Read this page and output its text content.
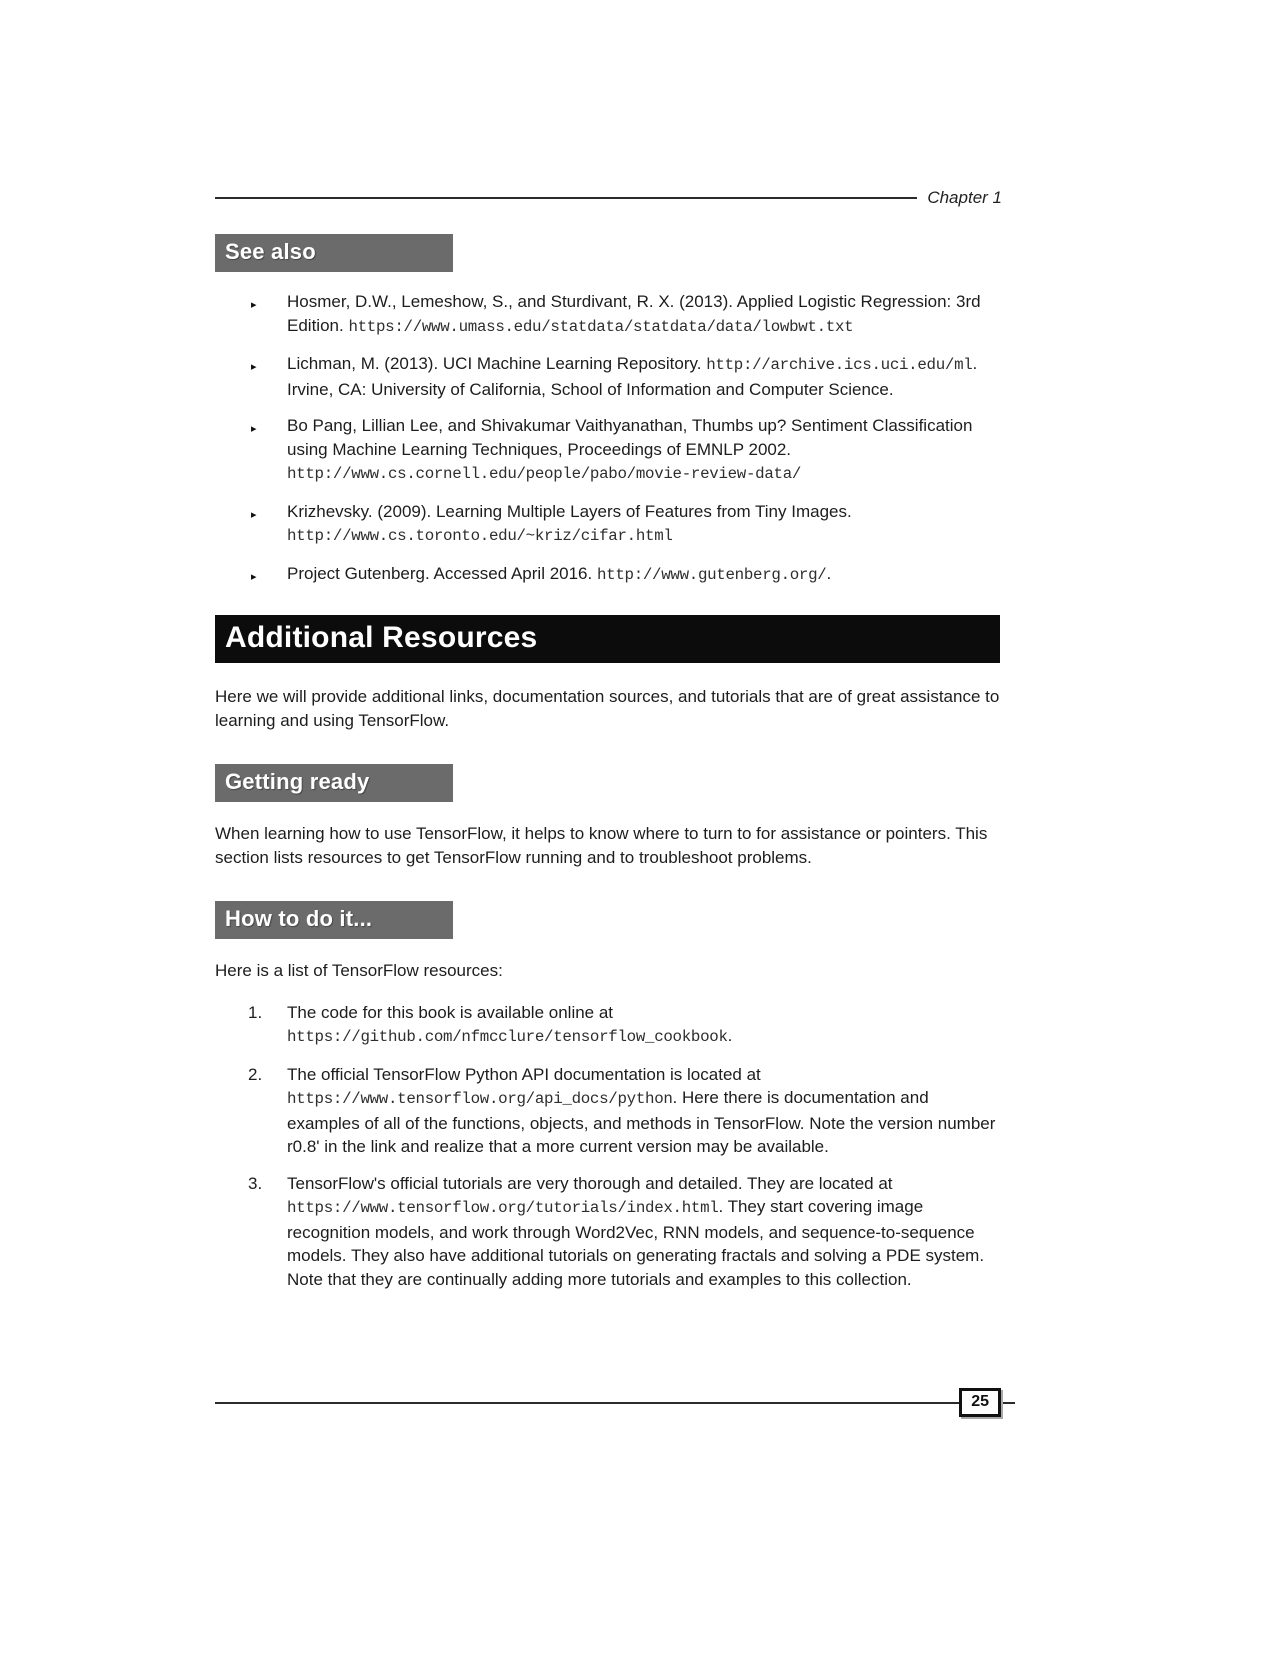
Chapter 1
See also
▸ Hosmer, D.W., Lemeshow, S., and Sturdivant, R. X. (2013). Applied Logistic Regression: 3rd Edition. https://www.umass.edu/statdata/statdata/data/lowbwt.txt
▸ Lichman, M. (2013). UCI Machine Learning Repository. http://archive.ics.uci.edu/ml. Irvine, CA: University of California, School of Information and Computer Science.
▸ Bo Pang, Lillian Lee, and Shivakumar Vaithyanathan, Thumbs up? Sentiment Classification using Machine Learning Techniques, Proceedings of EMNLP 2002. http://www.cs.cornell.edu/people/pabo/movie-review-data/
▸ Krizhevsky. (2009). Learning Multiple Layers of Features from Tiny Images. http://www.cs.toronto.edu/~kriz/cifar.html
▸ Project Gutenberg. Accessed April 2016. http://www.gutenberg.org/.
Additional Resources

Here we will provide additional links, documentation sources, and tutorials that are of great assistance to learning and using TensorFlow.

Getting ready

When learning how to use TensorFlow, it helps to know where to turn to for assistance or pointers. This section lists resources to get TensorFlow running and to troubleshoot problems.

How to do it...

Here is a list of TensorFlow resources:

1. The code for this book is available online at https://github.com/nfmcclure/tensorflow_cookbook.
2. The official TensorFlow Python API documentation is located at https://www.tensorflow.org/api_docs/python. Here there is documentation and examples of all of the functions, objects, and methods in TensorFlow. Note the version number r0.8' in the link and realize that a more current version may be available.
3. TensorFlow's official tutorials are very thorough and detailed. They are located at https://www.tensorflow.org/tutorials/index.html. They start covering image recognition models, and work through Word2Vec, RNN models, and sequence-to-sequence models. They also have additional tutorials on generating fractals and solving a PDE system. Note that they are continually adding more tutorials and examples to this collection.
25
